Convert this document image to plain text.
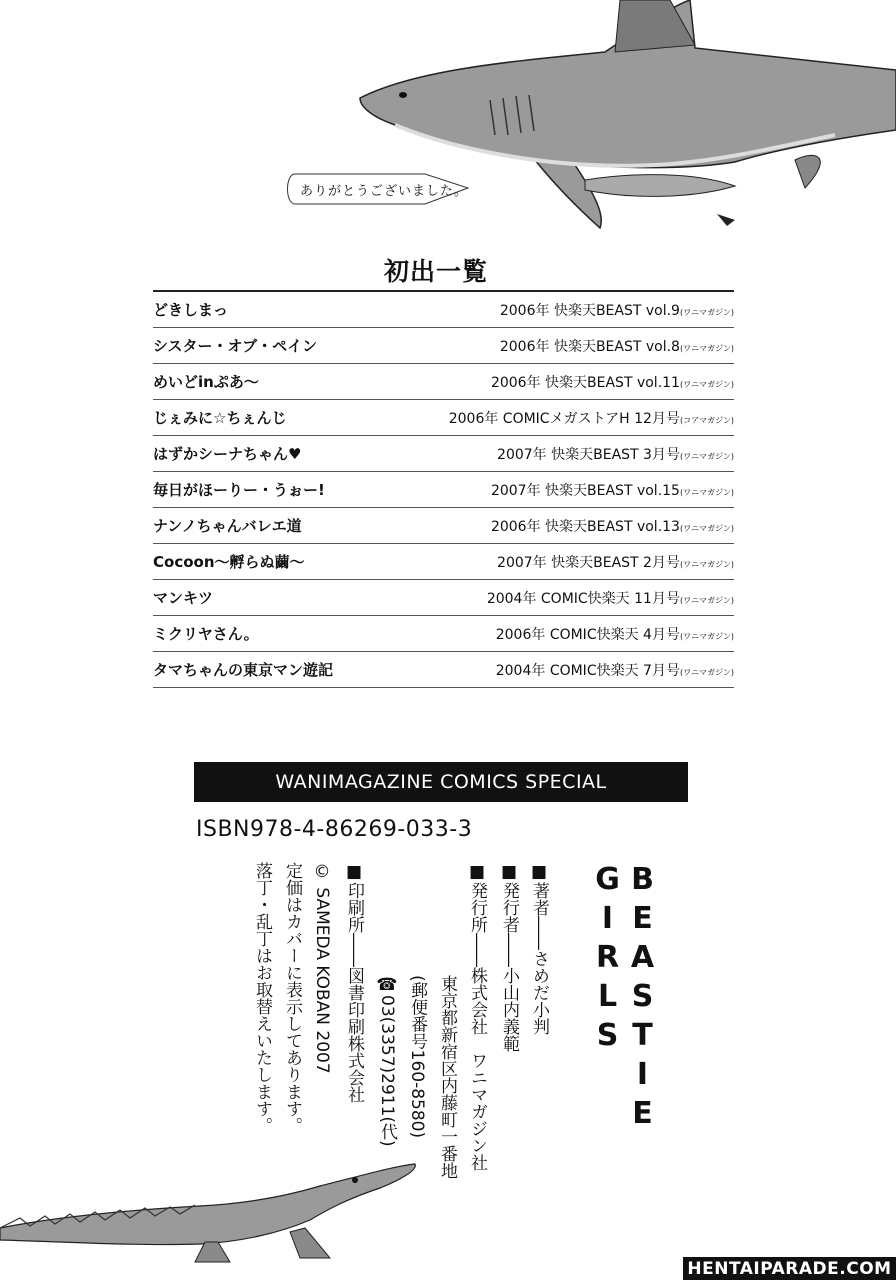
ありがとうございました。
初出一覧
どきしまっ	2006年 快楽天BEAST vol.9(ワニマガジン)
シスター・オブ・ペイン	2006年 快楽天BEAST vol.8(ワニマガジン)
めいどinぷあ〜	2006年 快楽天BEAST vol.11(ワニマガジン)
じぇみに☆ちぇんじ	2006年 COMICメガストアH 12月号(コアマガジン)
はずかシーナちゃん♥	2007年 快楽天BEAST 3月号(ワニマガジン)
毎日がほーりー・うぉー!	2007年 快楽天BEAST vol.15(ワニマガジン)
ナンノちゃんバレエ道	2006年 快楽天BEAST vol.13(ワニマガジン)
Cocoon〜孵らぬ繭〜	2007年 快楽天BEAST 2月号(ワニマガジン)
マンキツ	2004年 COMIC快楽天 11月号(ワニマガジン)
ミクリヤさん。	2006年 COMIC快楽天 4月号(ワニマガジン)
タマちゃんの東京マン遊記	2004年 COMIC快楽天 7月号(ワニマガジン)
WANIMAGAZINE COMICS SPECIAL
ISBN978-4-86269-033-3
BEASTIE GIRLS
■著者――さめだ小判
■発行者――小山内義範
■発行所――株式会社　ワニマガジン社
東京都新宿区内藤町一番地
(郵便番号160-8580)
☎03(3357)2911(代)
■印刷所――図書印刷株式会社
© SAMEDA KOBAN 2007
定価はカバーに表示してあります。
落丁・乱丁はお取替えいたします。
HENTAIPARADE.COM
